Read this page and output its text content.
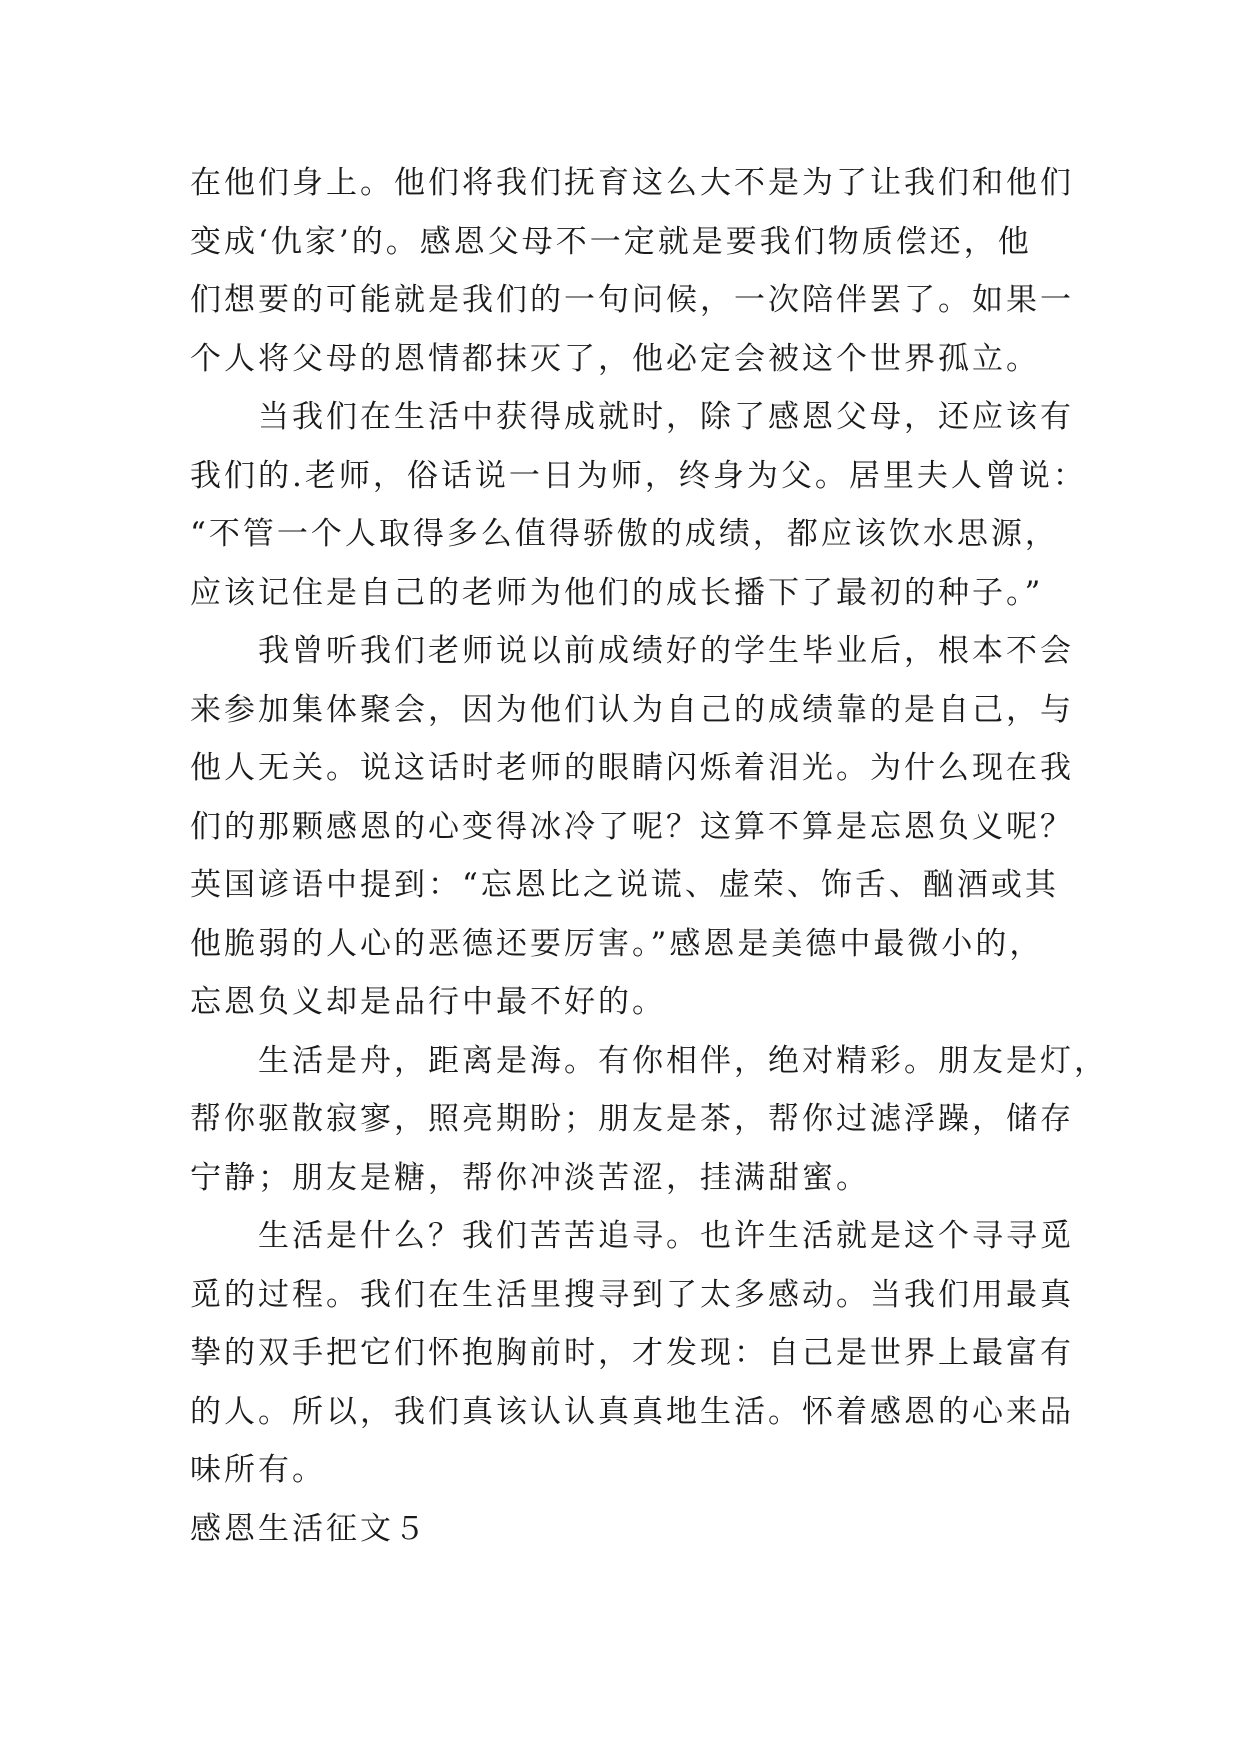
在他们身上。他们将我们抚育这么大不是为了让我们和他们
变成‘仇家’的。感恩父母不一定就是要我们物质偿还，他
们想要的可能就是我们的一句问候，一次陪伴罢了。如果一
个人将父母的恩情都抹灭了，他必定会被这个世界孤立。
当我们在生活中获得成就时，除了感恩父母，还应该有
我们的.老师，俗话说一日为师，终身为父。居里夫人曾说：
“不管一个人取得多么值得骄傲的成绩，都应该饮水思源，
应该记住是自己的老师为他们的成长播下了最初的种子。”
我曾听我们老师说以前成绩好的学生毕业后，根本不会
来参加集体聚会，因为他们认为自己的成绩靠的是自己，与
他人无关。说这话时老师的眼睛闪烁着泪光。为什么现在我
们的那颗感恩的心变得冰冷了呢？这算不算是忘恩负义呢？
英国谚语中提到：“忘恩比之说谎、虚荣、饰舌、酗酒或其
他脆弱的人心的恶德还要厉害。”感恩是美德中最微小的，
忘恩负义却是品行中最不好的。
生活是舟，距离是海。有你相伴，绝对精彩。朋友是灯，
帮你驱散寂寥，照亮期盼；朋友是茶，帮你过滤浮躁，储存
宁静；朋友是糖，帮你冲淡苦涩，挂满甜蜜。
生活是什么？我们苦苦追寻。也许生活就是这个寻寻觅
觅的过程。我们在生活里搜寻到了太多感动。当我们用最真
挚的双手把它们怀抱胸前时，才发现：自己是世界上最富有
的人。所以，我们真该认认真真地生活。怀着感恩的心来品
味所有。
感恩生活征文５
